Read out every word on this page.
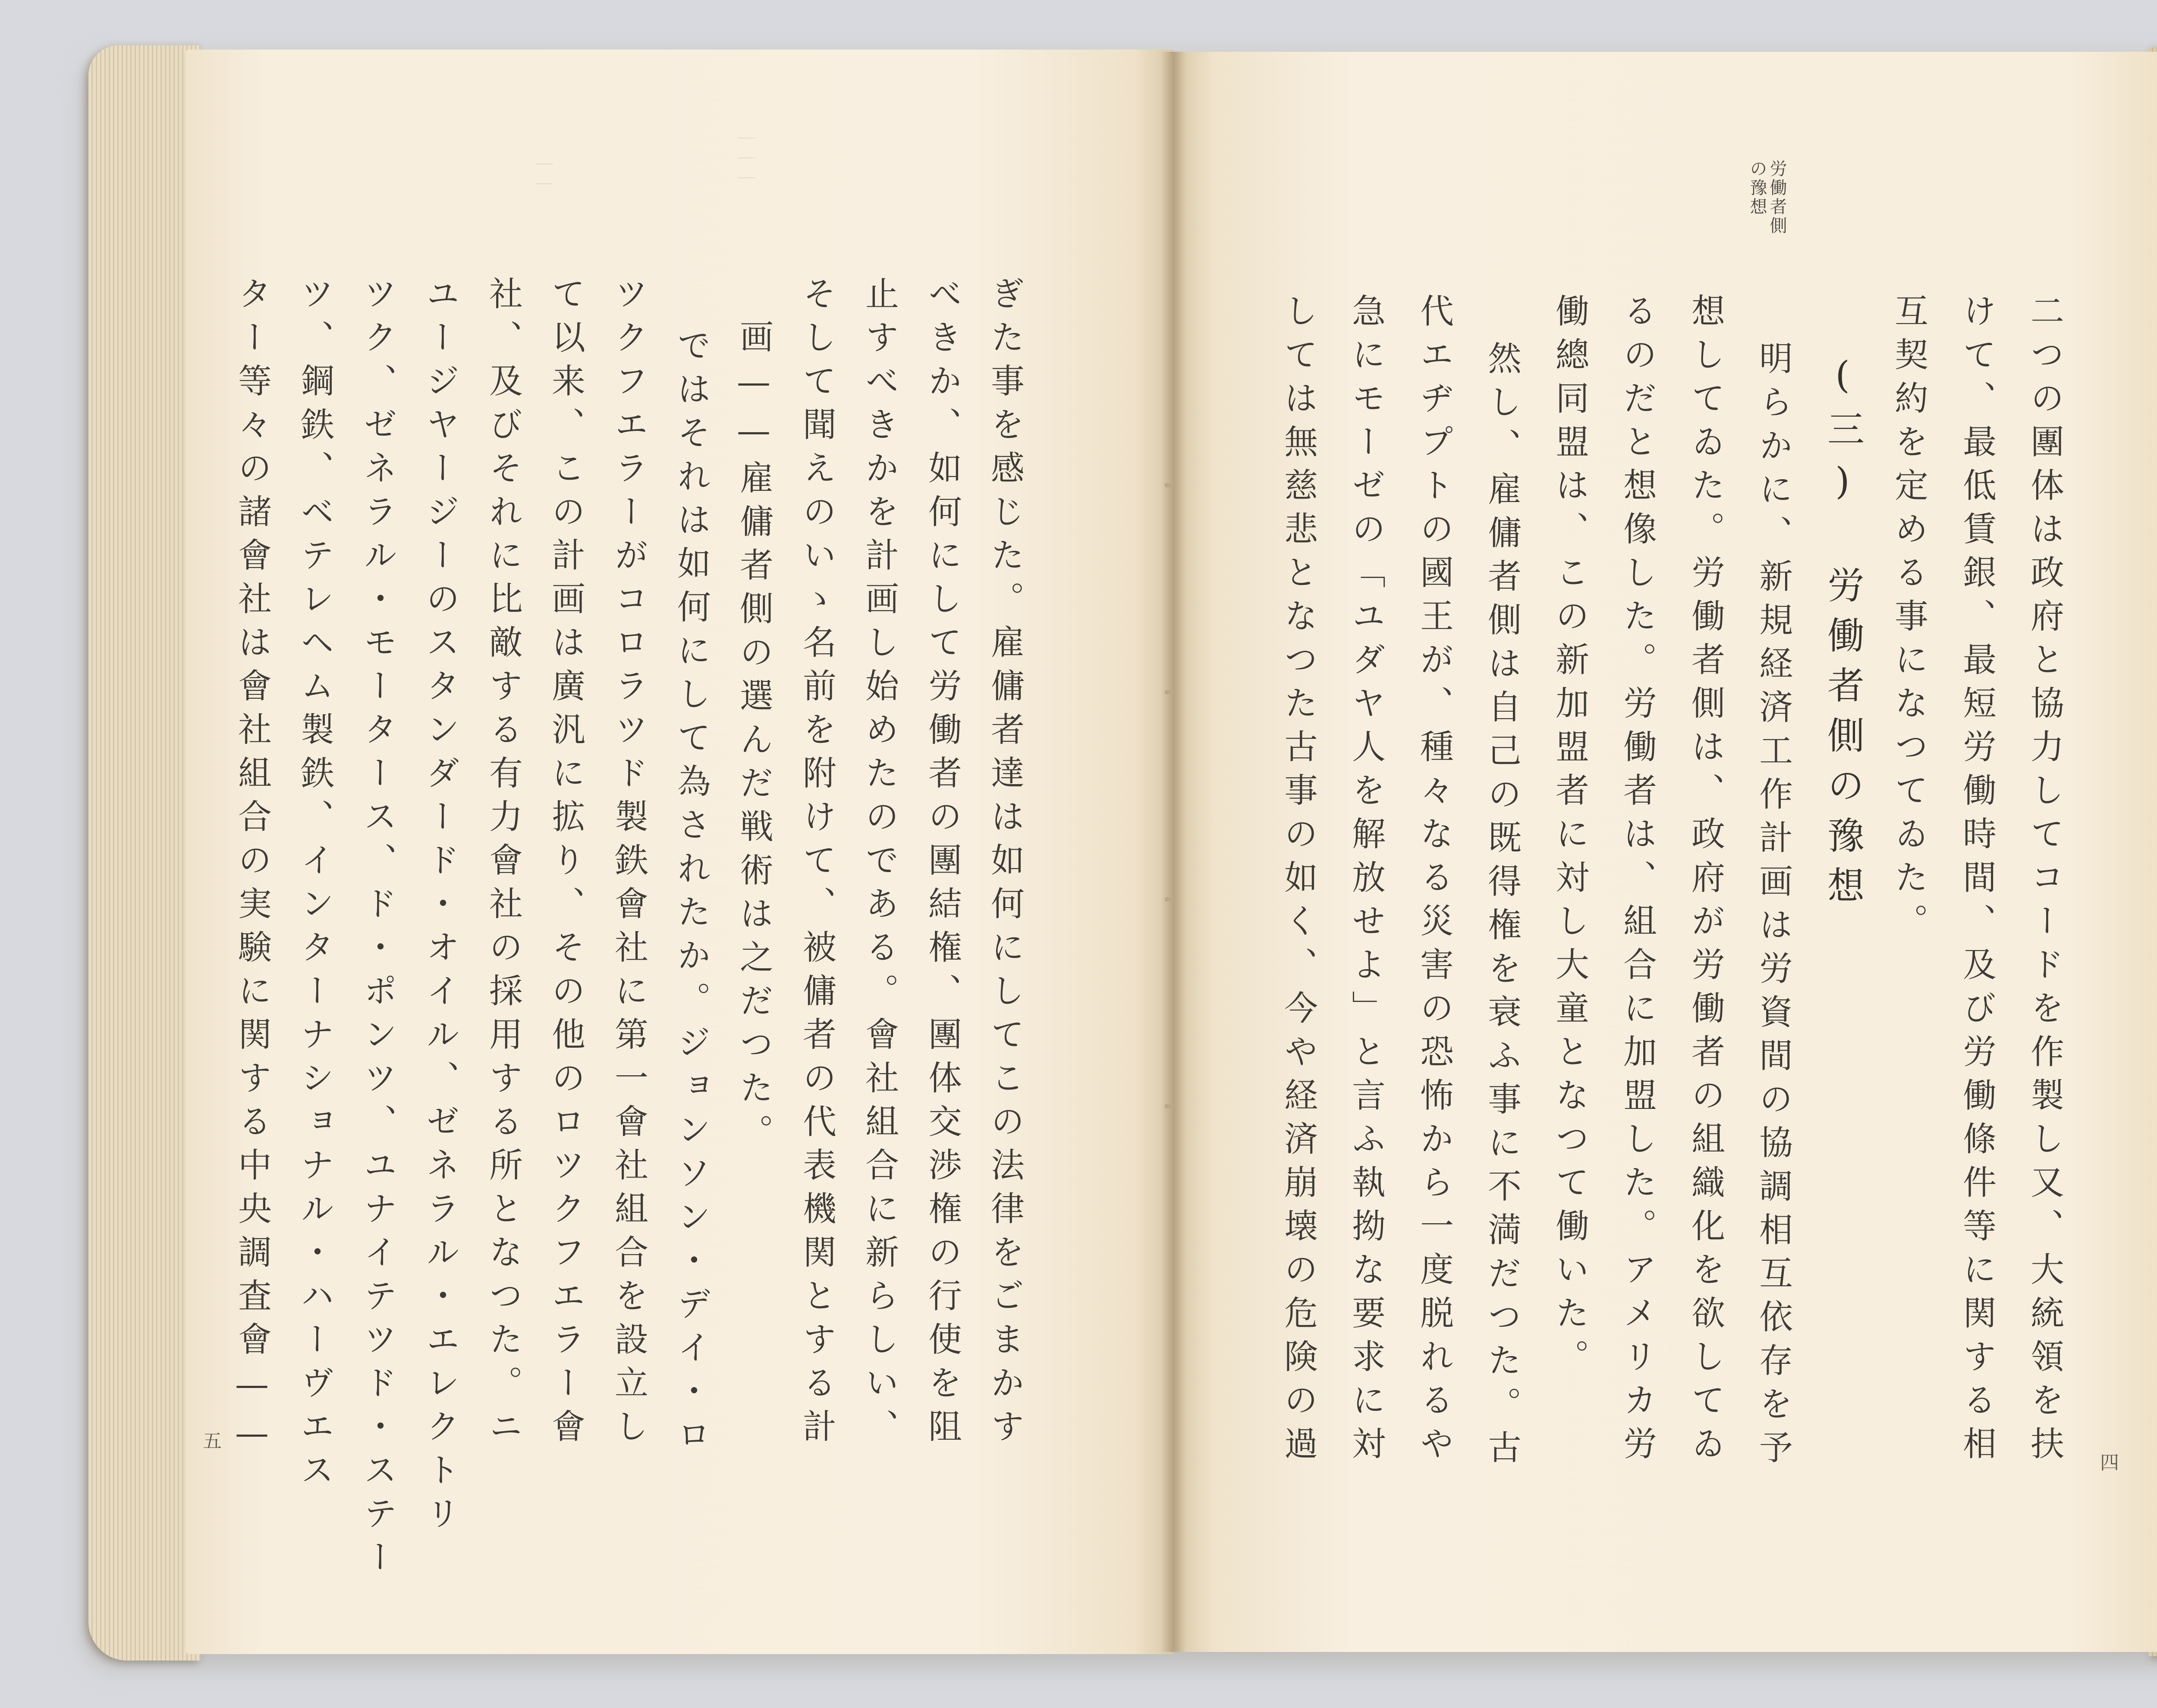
｜｜｜
｜｜
ぎた事を感じた。雇傭者達は如何にしてこの法律をごまかす
べきか、如何にして労働者の團結権、團体交渉権の行使を阻
止すべきかを計画し始めたのである。會社組合に新らしい、
そして聞えのいゝ名前を附けて、被傭者の代表機関とする計
画——雇傭者側の選んだ戦術は之だつた。
ではそれは如何にして為されたか。ジョンソン・デイ・ロ
ツクフエラーがコロラツド製鉄會社に第一會社組合を設立し
て以来、この計画は廣汎に拡り、その他のロツクフエラー會
社、及びそれに比敵する有力會社の採用する所となつた。ニ
ユージヤージーのスタンダード・オイル、ゼネラル・エレクトリ
ツク、ゼネラル・モータース、ド・ポンツ、ユナイテツド・ステー
ツ、鋼鉄、ベテレヘム製鉄、インターナショナル・ハーヴエス
ター等々の諸會社は會社組合の実験に関する中央調査會——
五
労働者側
の豫想
二つの團体は政府と協力してコードを作製し又、大統領を扶
けて、最低賃銀、最短労働時間、及び労働條件等に関する相
互契約を定める事になつてゐた。
(三)　労働者側の豫想
明らかに、新規経済工作計画は労資間の協調相互依存を予
想してゐた。労働者側は、政府が労働者の組織化を欲してゐ
るのだと想像した。労働者は、組合に加盟した。アメリカ労
働總同盟は、この新加盟者に対し大童となつて働いた。
然し、雇傭者側は自己の既得権を衰ふ事に不満だつた。古
代エヂプトの國王が、種々なる災害の恐怖から一度脱れるや
急にモーゼの「ユダヤ人を解放せよ」と言ふ執拗な要求に対
しては無慈悲となつた古事の如く、今や経済崩壊の危険の過	四
